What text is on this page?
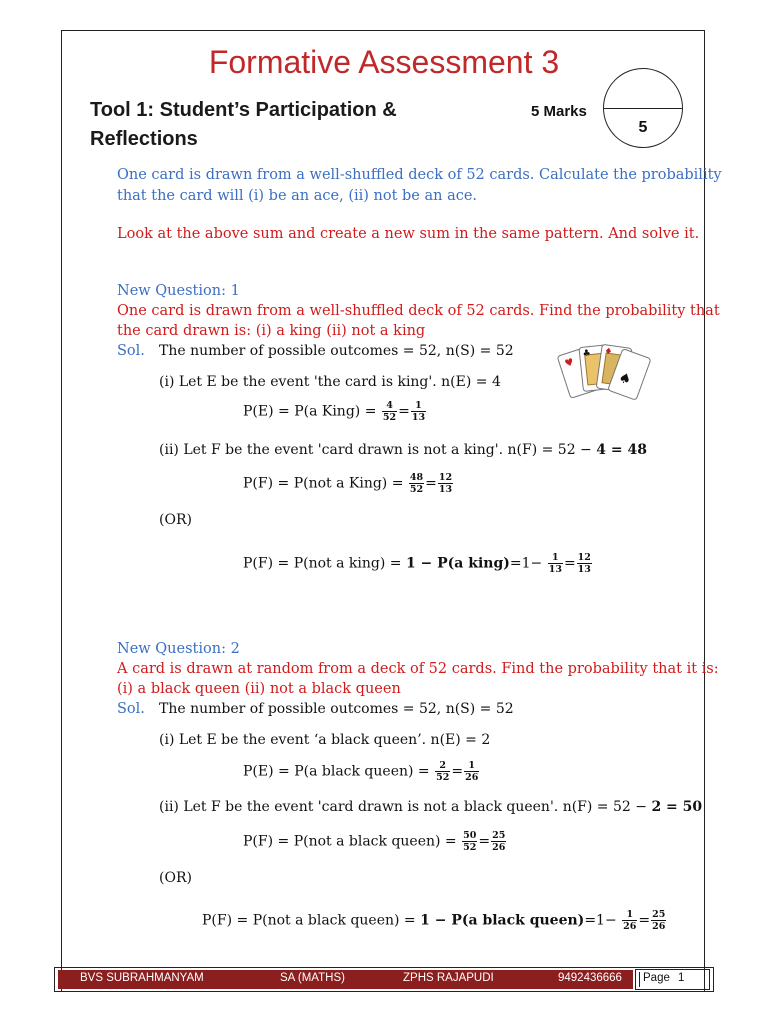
Formative Assessment 3
Tool 1: Student’s Participation &
Reflections
5 Marks
5
One card is drawn from a well-shuffled deck of 52 cards. Calculate the probability
that the card will (i) be an ace, (ii) not be an ace.
Look at the above sum and create a new sum in the same pattern. And solve it.
New Question: 1
One card is drawn from a well-shuffled deck of 52 cards. Find the probability that
the card drawn is: (i) a king (ii) not a king
Sol. The number of possible outcomes = 52, n(S) = 52
♥
♣ ♦
♠
(i) Let E be the event 'the card is king'. n(E) = 4
P(E) = P(a King) = $\frac{4}{52} = \frac{1}{13}$
(ii) Let F be the event 'card drawn is not a king'. n(F) = 52 − 4 = 48
P(F) = P(not a King) = $\frac{48}{52} = \frac{12}{13}$
(OR)
P(F) = P(not a king) = 1 − P(a king)=1− $\frac{1}{13} = \frac{12}{13}$
New Question: 2
A card is drawn at random from a deck of 52 cards. Find the probability that it is:
(i) a black queen (ii) not a black queen
Sol. The number of possible outcomes = 52, n(S) = 52
(i) Let E be the event ‘a black queen’. n(E) = 2
P(E) = P(a black queen) = $\frac{2}{52} = \frac{1}{26}$
(ii) Let F be the event 'card drawn is not a black queen'. n(F) = 52 − 2 = 50
P(F) = P(not a black queen) = $\frac{50}{52} = \frac{25}{26}$
(OR)
P(F) = P(not a black queen) = 1 − P(a black queen)=1− $\frac{1}{26} = \frac{25}{26}$
BVS SUBRAHMANYAM	SA (MATHS)	ZPHS RAJAPUDI	9492436666 Page 1
